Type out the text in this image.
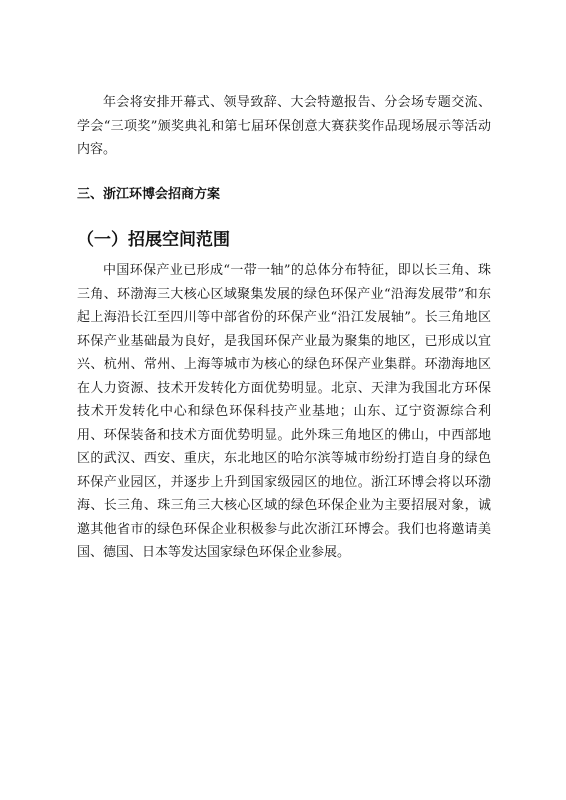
年会将安排开幕式、领导致辞、大会特邀报告、分会场专题交流、学会“三项奖”颁奖典礼和第七届环保创意大赛获奖作品现场展示等活动内容。
三、浙江环博会招商方案
（一）招展空间范围
中国环保产业已形成“一带一轴”的总体分布特征，即以长三角、珠三角、环渤海三大核心区域聚集发展的绿色环保产业“沿海发展带”和东起上海沿长江至四川等中部省份的环保产业“沿江发展轴”。长三角地区环保产业基础最为良好，是我国环保产业最为聚集的地区，已形成以宜兴、杭州、常州、上海等城市为核心的绿色环保产业集群。环渤海地区在人力资源、技术开发转化方面优势明显。北京、天津为我国北方环保技术开发转化中心和绿色环保科技产业基地；山东、辽宁资源综合利用、环保装备和技术方面优势明显。此外珠三角地区的佛山，中西部地区的武汉、西安、重庆，东北地区的哈尔滨等城市纷纷打造自身的绿色环保产业园区，并逐步上升到国家级园区的地位。浙江环博会将以环渤海、长三角、珠三角三大核心区域的绿色环保企业为主要招展对象，诚邀其他省市的绿色环保企业积极参与此次浙江环博会。我们也将邀请美国、德国、日本等发达国家绿色环保企业参展。
